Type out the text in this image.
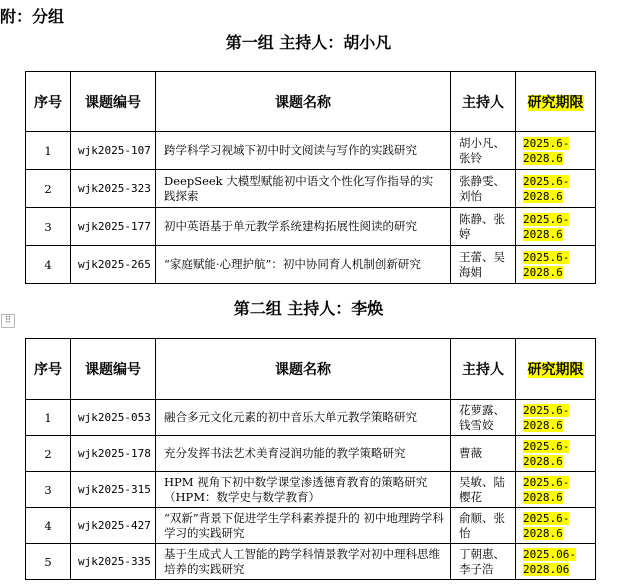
附：分组
第一组 主持人：胡小凡
序号	课题编号	课题名称	主持人	研究期限
1	wjk2025-107	跨学科学习视域下初中时文阅读与写作的实践研究	胡小凡、张铃	2025.6-2028.6
2	wjk2025-323	DeepSeek 大模型赋能初中语文个性化写作指导的实践探索	张静雯、刘怡	2025.6-2028.6
3	wjk2025-177	初中英语基于单元教学系统建构拓展性阅读的研究	陈静、张婷	2025.6-2028.6
4	wjk2025-265	“家庭赋能·心理护航”：初中协同育人机制创新研究	王蕾、吴海娟	2025.6-2028.6
第二组 主持人：李焕
⠿
序号	课题编号	课题名称	主持人	研究期限
1	wjk2025-053	融合多元文化元素的初中音乐大单元教学策略研究	花萝露、钱雪姣	2025.6-2028.6
2	wjk2025-178	充分发挥书法艺术美育浸润功能的教学策略研究	曹薇	2025.6-2028.6
3	wjk2025-315	HPM 视角下初中数学课堂渗透德育教育的策略研究 （HPM：数学史与数学教育）	吴敏、陆樱花	2025.6-2028.6
4	wjk2025-427	“双新”背景下促进学生学科素养提升的 初中地理跨学科学习的实践研究	俞顺、张怡	2025.6-2028.6
5	wjk2025-335	基于生成式人工智能的跨学科情景教学对初中理科思维培养的实践研究	丁朝惠、李子浩	2025.06-2028.06
